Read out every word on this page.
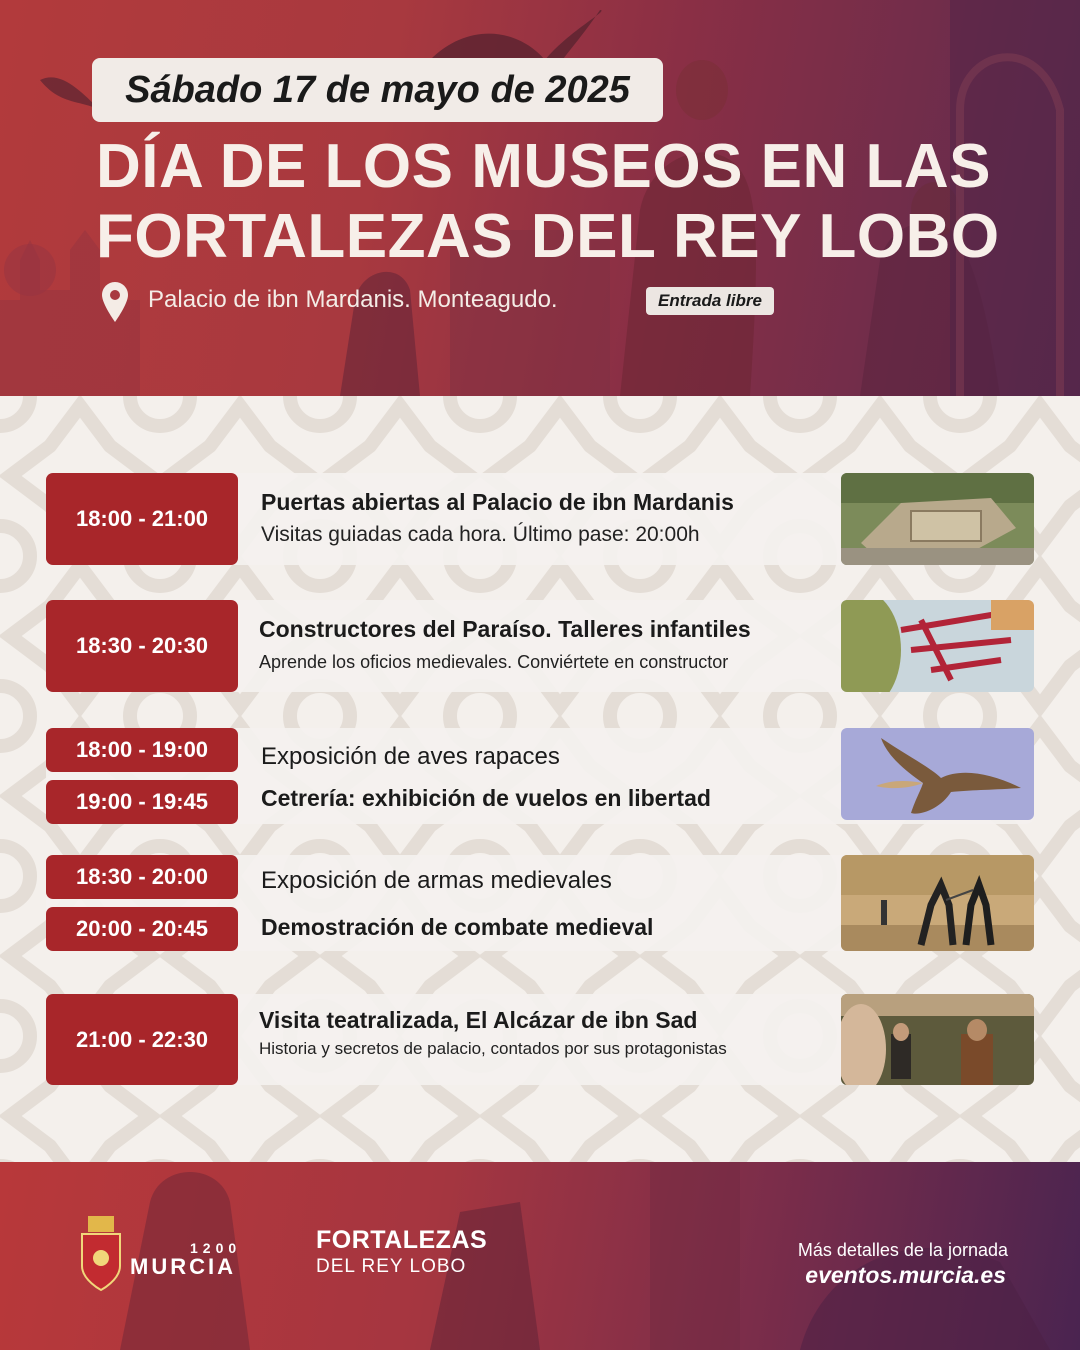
Sábado 17 de mayo de 2025
DÍA DE LOS MUSEOS EN LAS
FORTALEZAS DEL REY LOBO
Palacio de ibn Mardanis. Monteagudo.	Entrada libre
18:00 - 21:00
Puertas abiertas al Palacio de ibn Mardanis
Visitas guiadas cada hora. Último pase: 20:00h
18:30 - 20:30
Constructores del Paraíso. Talleres infantiles
Aprende los oficios medievales. Conviértete en constructor
18:00 - 19:00
19:00 - 19:45
Exposición de aves rapaces
Cetrería: exhibición de vuelos en libertad
18:30 - 20:00
20:00 - 20:45
Exposición de armas medievales
Demostración de combate medieval
21:00 - 22:30
Visita teatralizada, El Alcázar de ibn Sad
Historia y secretos de palacio, contados por sus protagonistas
1200
MURCIA
FORTALEZAS
DEL REY LOBO
Más detalles de la jornada
eventos.murcia.es
